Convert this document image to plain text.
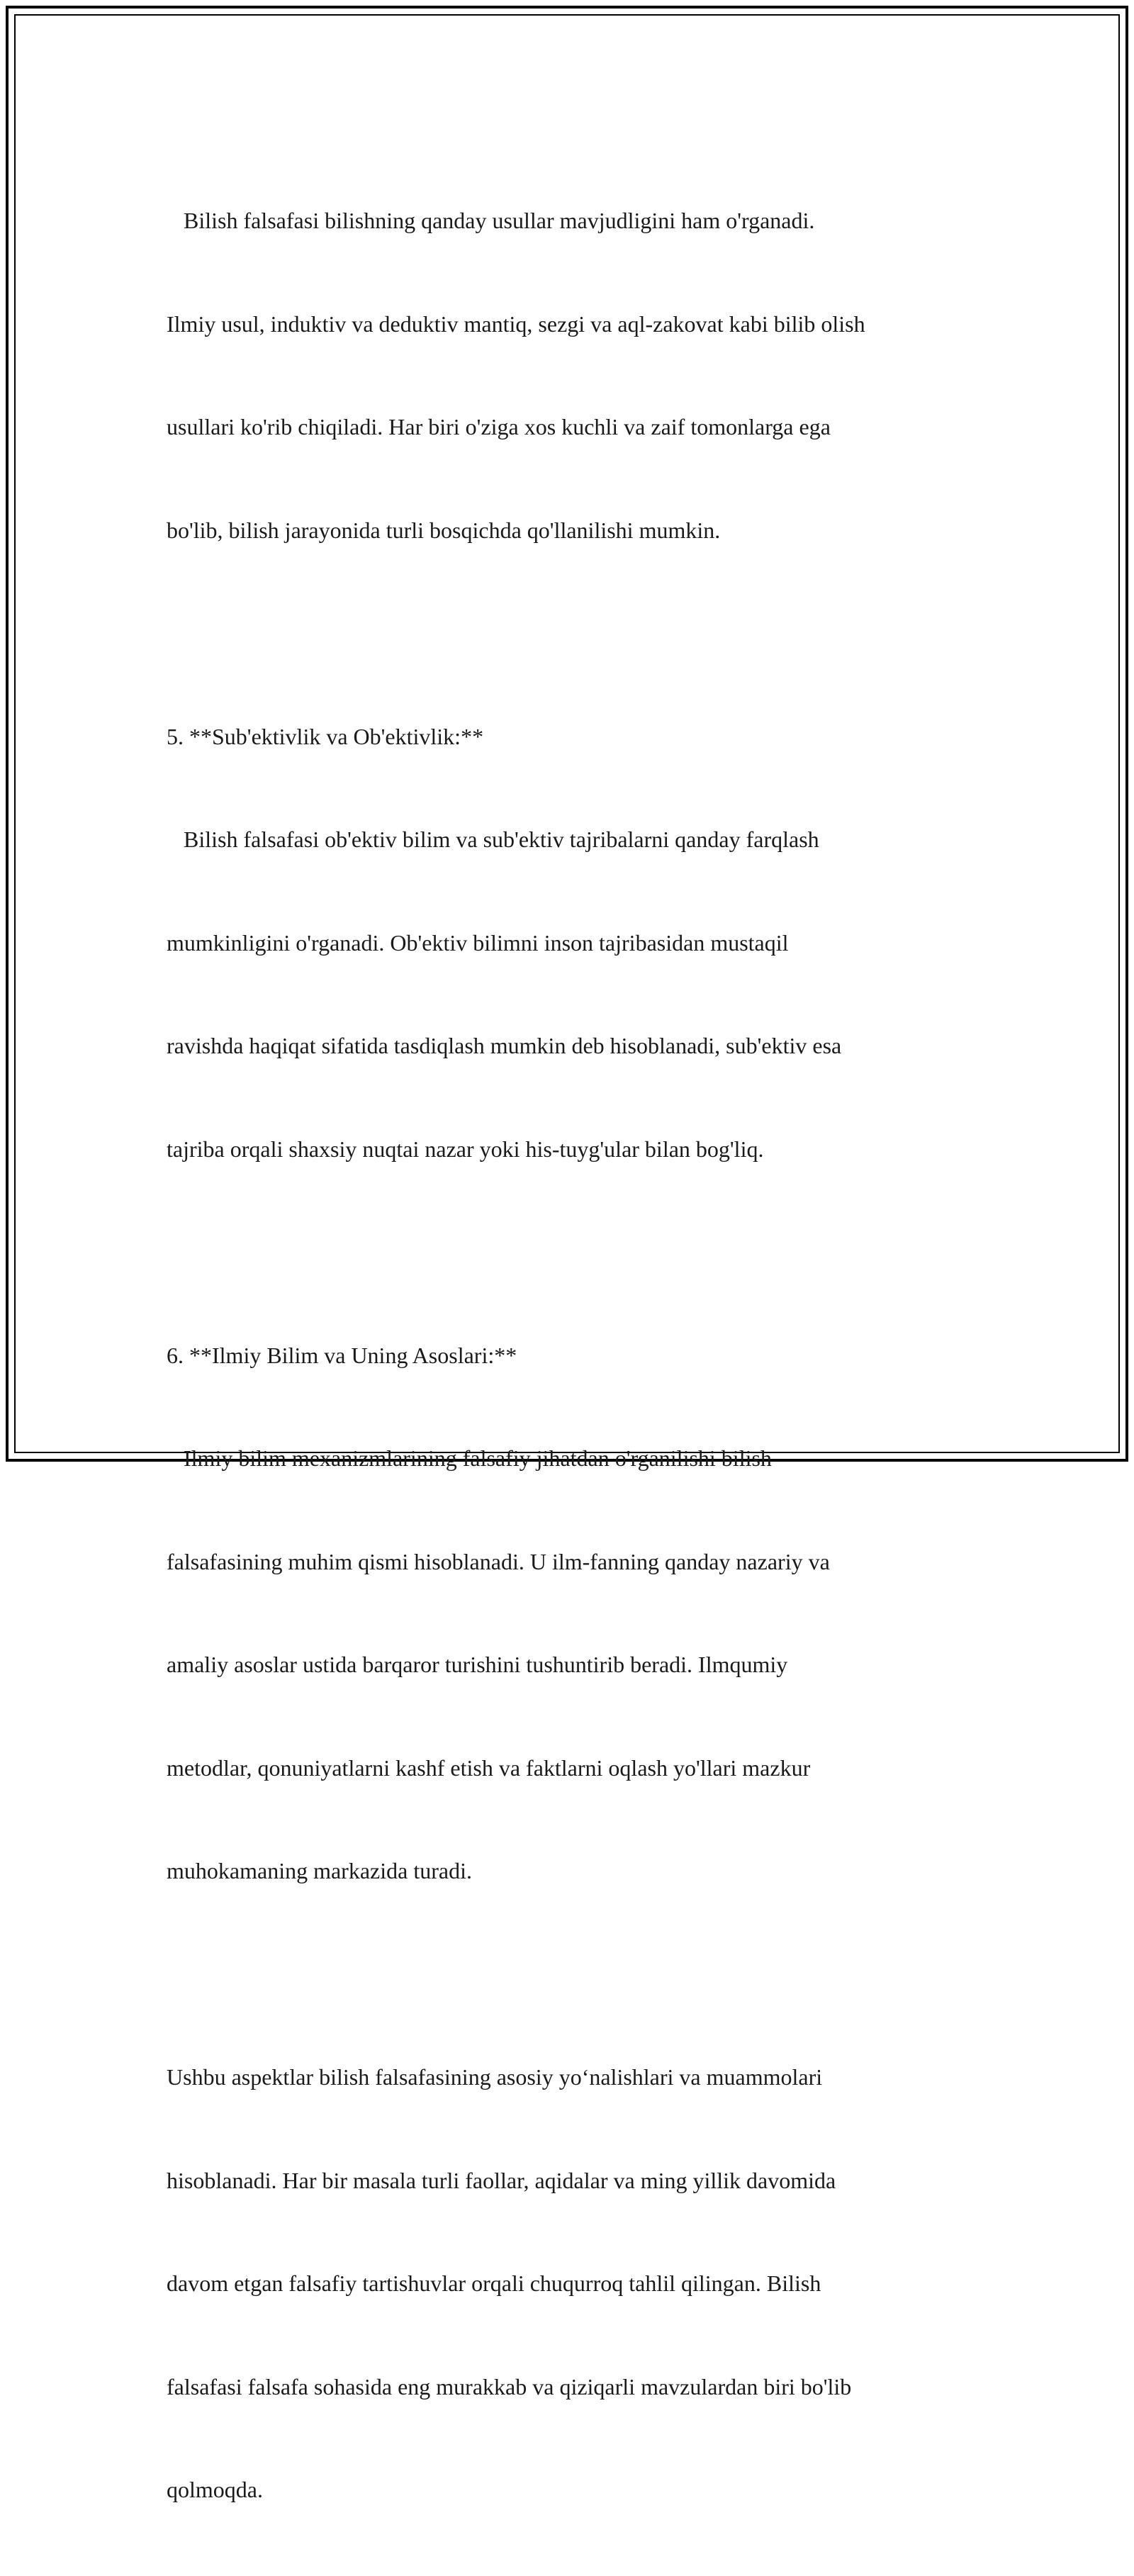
Bilish falsafasi bilishning qanday usullar mavjudligini ham o'rganadi.

Ilmiy usul, induktiv va deduktiv mantiq, sezgi va aql-zakovat kabi bilib olish

usullari ko'rib chiqiladi. Har biri o'ziga xos kuchli va zaif tomonlarga ega

bo'lib, bilish jarayonida turli bosqichda qo'llanilishi mumkin.

5. **Sub'ektivlik va Ob'ektivlik:**

Bilish falsafasi ob'ektiv bilim va sub'ektiv tajribalarni qanday farqlash

mumkinligini o'rganadi. Ob'ektiv bilimni inson tajribasidan mustaqil

ravishda haqiqat sifatida tasdiqlash mumkin deb hisoblanadi, sub'ektiv esa

tajriba orqali shaxsiy nuqtai nazar yoki his-tuyg'ular bilan bog'liq.

6. **Ilmiy Bilim va Uning Asoslari:**

Ilmiy bilim mexanizmlarining falsafiy jihatdan o'rganilishi bilish

falsafasining muhim qismi hisoblanadi. U ilm-fanning qanday nazariy va

amaliy asoslar ustida barqaror turishini tushuntirib beradi. Ilmqumiy

metodlar, qonuniyatlarni kashf etish va faktlarni oqlash yo'llari mazkur

muhokamaning markazida turadi.

Ushbu aspektlar bilish falsafasining asosiy yo‘nalishlari va muammolari

hisoblanadi. Har bir masala turli faollar, aqidalar va ming yillik davomida

davom etgan falsafiy tartishuvlar orqali chuqurroq tahlil qilingan. Bilish

falsafasi falsafa sohasida eng murakkab va qiziqarli mavzulardan biri bo'lib

qolmoqda.
